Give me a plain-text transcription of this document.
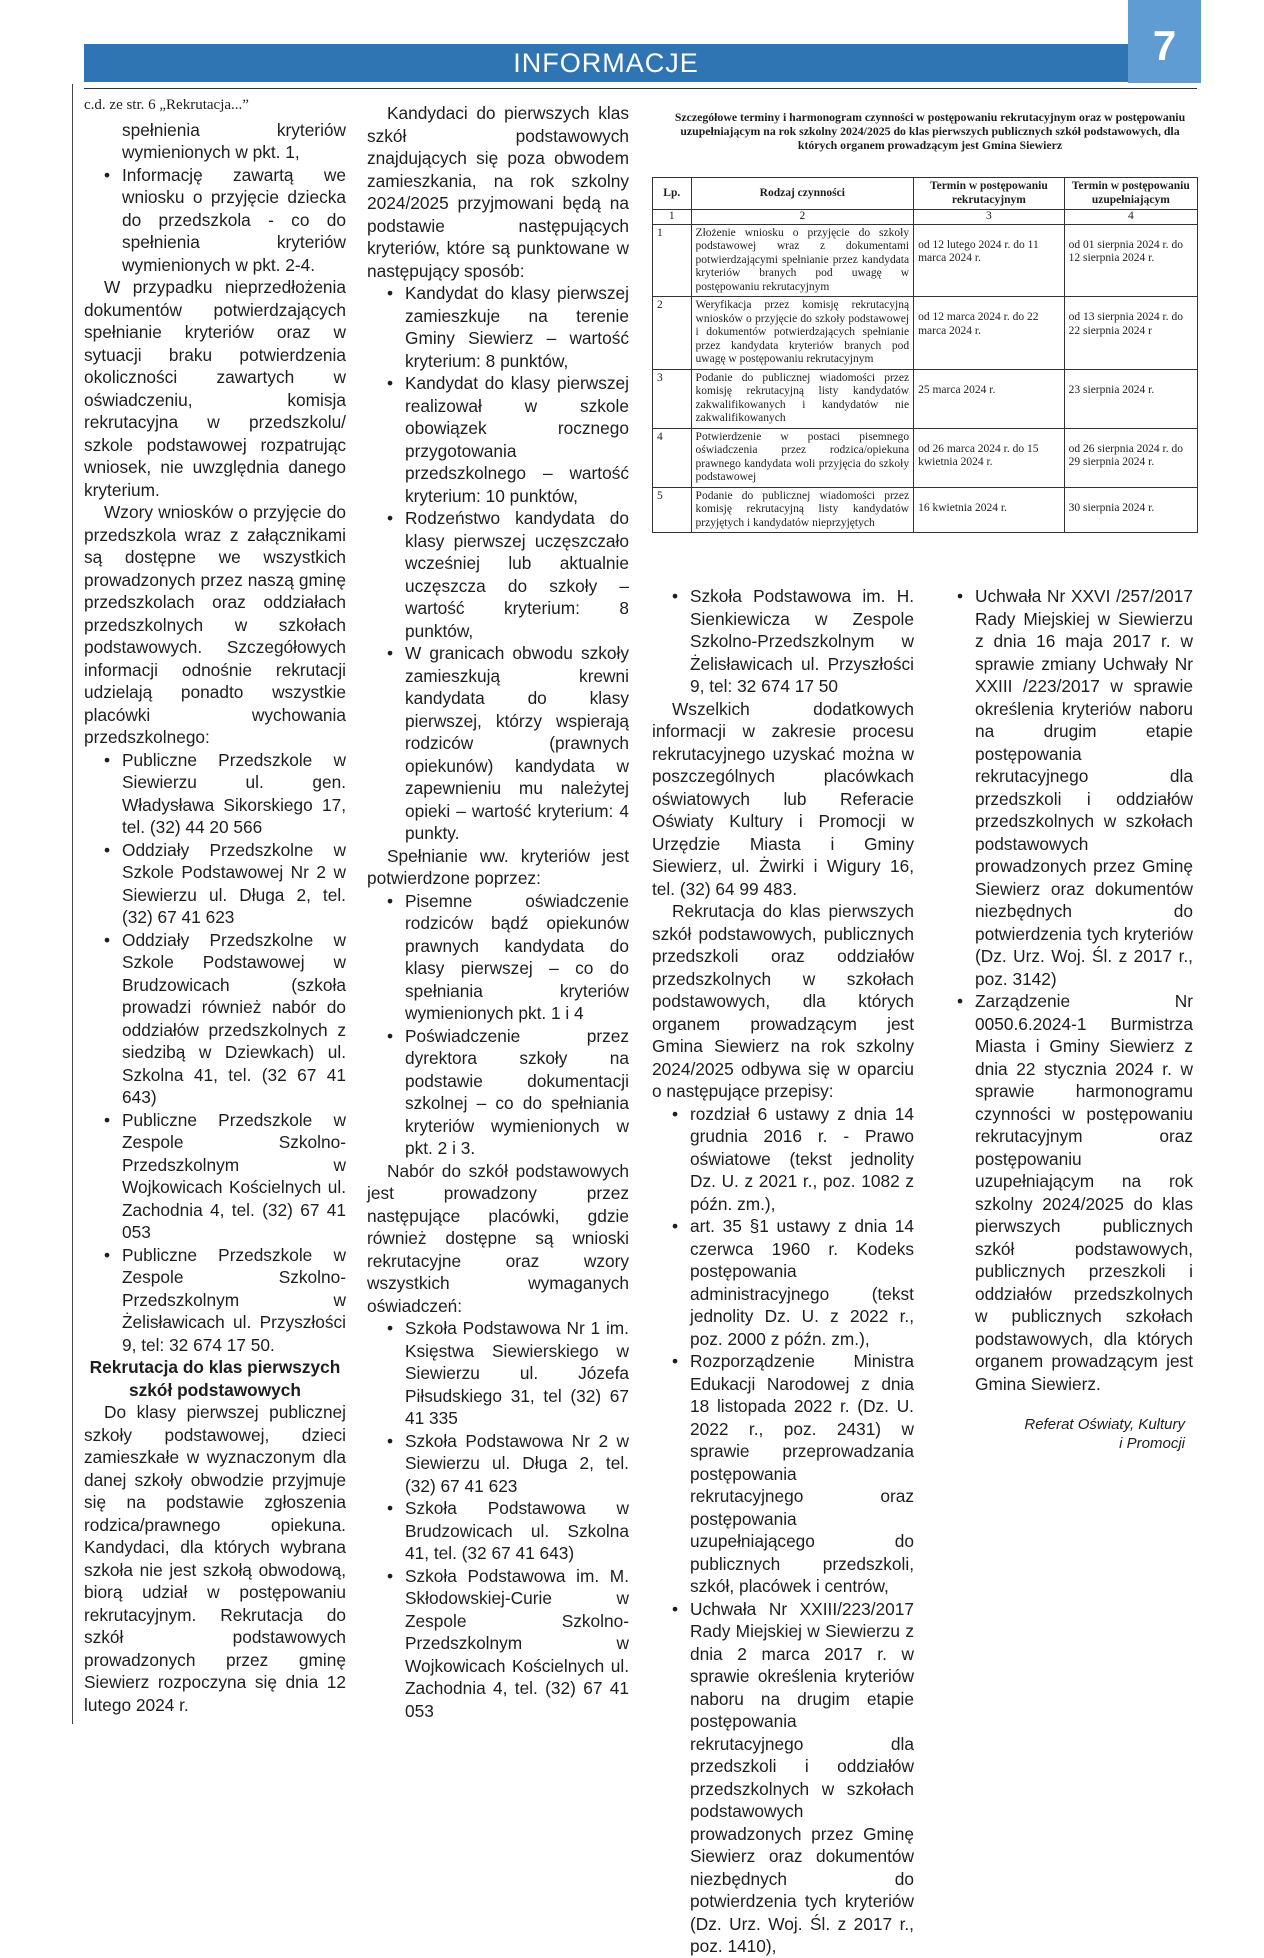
INFORMACJE	7

c.d. ze str. 6 „Rekrutacja...”

spełnienia kryteriów wymienionych w pkt. 1,

• Informację zawartą we wniosku o przyjęcie dziecka do przedszkola - co do spełnienia kryteriów wymienionych w pkt. 2-4.

W przypadku nieprzedłożenia dokumentów potwierdzających spełnianie kryteriów oraz w sytuacji braku potwierdzenia okoliczności zawartych w oświadczeniu, komisja rekrutacyjna w przedszkolu/ szkole podstawowej rozpatrując wniosek, nie uwzględnia danego kryterium.

Wzory wniosków o przyjęcie do przedszkola wraz z załącznikami są dostępne we wszystkich prowadzonych przez naszą gminę przedszkolach oraz oddziałach przedszkolnych w szkołach podstawowych. Szczegółowych informacji odnośnie rekrutacji udzielają ponadto wszystkie placówki wychowania przedszkolnego:

• Publiczne Przedszkole w Siewierzu ul. gen. Władysława Sikorskiego 17, tel. (32) 44 20 566
• Oddziały Przedszkolne w Szkole Podstawowej Nr 2 w Siewierzu ul. Długa 2, tel. (32) 67 41 623
• Oddziały Przedszkolne w Szkole Podstawowej w Brudzowicach (szkoła prowadzi również nabór do oddziałów przedszkolnych z siedzibą w Dziewkach) ul. Szkolna 41, tel. (32 67 41 643)
• Publiczne Przedszkole w Zespole Szkolno-Przedszkolnym w Wojkowicach Kościelnych ul. Zachodnia 4, tel. (32) 67 41 053
• Publiczne Przedszkole w Zespole Szkolno-Przedszkolnym w Żelisławicach ul. Przyszłości 9, tel: 32 674 17 50.
Rekrutacja do klas pierwszych szkół podstawowych

Do klasy pierwszej publicznej szkoły podstawowej, dzieci zamieszkałe w wyznaczonym dla danej szkoły obwodzie przyjmuje się na podstawie zgłoszenia rodzica/prawnego opiekuna. Kandydaci, dla których wybrana szkoła nie jest szkołą obwodową, biorą udział w postępowaniu rekrutacyjnym. Rekrutacja do szkół podstawowych prowadzonych przez gminę Siewierz rozpoczyna się dnia 12 lutego 2024 r.

Kandydaci do pierwszych klas szkół podstawowych znajdujących się poza obwodem zamieszkania, na rok szkolny 2024/2025 przyjmowani będą na podstawie następujących kryteriów, które są punktowane w następujący sposób:

• Kandydat do klasy pierwszej zamieszkuje na terenie Gminy Siewierz – wartość kryterium: 8 punktów,
• Kandydat do klasy pierwszej realizował w szkole obowiązek rocznego przygotowania przedszkolnego – wartość kryterium: 10 punktów,
• Rodzeństwo kandydata do klasy pierwszej uczęszczało wcześniej lub aktualnie uczęszcza do szkoły – wartość kryterium: 8 punktów,
• W granicach obwodu szkoły zamieszkują krewni kandydata do klasy pierwszej, którzy wspierają rodziców (prawnych opiekunów) kandydata w zapewnieniu mu należytej opieki – wartość kryterium: 4 punkty.

Spełnianie ww. kryteriów jest potwierdzone poprzez:

• Pisemne oświadczenie rodziców bądź opiekunów prawnych kandydata do klasy pierwszej – co do spełniania kryteriów wymienionych pkt. 1 i 4
• Poświadczenie przez dyrektora szkoły na podstawie dokumentacji szkolnej – co do spełniania kryteriów wymienionych w pkt. 2 i 3.

Nabór do szkół podstawowych jest prowadzony przez następujące placówki, gdzie również dostępne są wnioski rekrutacyjne oraz wzory wszystkich wymaganych oświadczeń:

• Szkoła Podstawowa Nr 1 im. Księstwa Siewierskiego w Siewierzu ul. Józefa Piłsudskiego 31, tel (32) 67 41 335
• Szkoła Podstawowa Nr 2 w Siewierzu ul. Długa 2, tel. (32) 67 41 623
• Szkoła Podstawowa w Brudzowicach ul. Szkolna 41, tel. (32 67 41 643)
• Szkoła Podstawowa im. M. Skłodowskiej-Curie w Zespole Szkolno-Przedszkolnym w Wojkowicach Kościelnych ul. Zachodnia 4, tel. (32) 67 41 053
Szczegółowe terminy i harmonogram czynności w postępowaniu rekrutacyjnym oraz w postępowaniu uzupełniającym na rok szkolny 2024/2025 do klas pierwszych publicznych szkół podstawowych, dla których organem prowadzącym jest Gmina Siewierz
Lp.	Rodzaj czynności	Termin w postępowaniu rekrutacyjnym	Termin w postępowaniu uzupełniającym
1	2	3	4
1	Złożenie wniosku o przyjęcie do szkoły podstawowej wraz z dokumentami potwierdzającymi spełnianie przez kandydata kryteriów branych pod uwagę w postępowaniu rekrutacyjnym	od 12 lutego 2024 r. do 11 marca 2024 r.	od 01 sierpnia 2024 r. do 12 sierpnia 2024 r.
2	Weryfikacja przez komisję rekrutacyjną wniosków o przyjęcie do szkoły podstawowej i dokumentów potwierdzających spełnianie przez kandydata kryteriów branych pod uwagę w postępowaniu rekrutacyjnym	od 12 marca 2024 r. do 22 marca 2024 r.	od 13 sierpnia 2024 r. do 22 sierpnia 2024 r
3	Podanie do publicznej wiadomości przez komisję rekrutacyjną listy kandydatów zakwalifikowanych i kandydatów nie zakwalifikowanych	25 marca 2024 r.	23 sierpnia 2024 r.
4	Potwierdzenie w postaci pisemnego oświadczenia przez rodzica/opiekuna prawnego kandydata woli przyjęcia do szkoły podstawowej	od 26 marca 2024 r. do 15 kwietnia 2024 r.	od 26 sierpnia 2024 r. do 29 sierpnia 2024 r.
5	Podanie do publicznej wiadomości przez komisję rekrutacyjną listy kandydatów przyjętych i kandydatów nieprzyjętych	16 kwietnia 2024 r.	30 sierpnia 2024 r.
• Szkoła Podstawowa im. H. Sienkiewicza w Zespole Szkolno-Przedszkolnym w Żelisławicach ul. Przyszłości 9, tel: 32 674 17 50

Wszelkich dodatkowych informacji w zakresie procesu rekrutacyjnego uzyskać można w poszczególnych placówkach oświatowych lub Referacie Oświaty Kultury i Promocji w Urzędzie Miasta i Gminy Siewierz, ul. Żwirki i Wigury 16, tel. (32) 64 99 483.

Rekrutacja do klas pierwszych szkół podstawowych, publicznych przedszkoli oraz oddziałów przedszkolnych w szkołach podstawowych, dla których organem prowadzącym jest Gmina Siewierz na rok szkolny 2024/2025 odbywa się w oparciu o następujące przepisy:

• rozdział 6 ustawy z dnia 14 grudnia 2016 r. - Prawo oświatowe (tekst jednolity Dz. U. z 2021 r., poz. 1082 z późn. zm.),
• art. 35 §1 ustawy z dnia 14 czerwca 1960 r. Kodeks postępowania administracyjnego (tekst jednolity Dz. U. z 2022 r., poz. 2000 z późn. zm.),
• Rozporządzenie Ministra Edukacji Narodowej z dnia 18 listopada 2022 r. (Dz. U. 2022 r., poz. 2431) w sprawie przeprowadzania postępowania rekrutacyjnego oraz postępowania uzupełniającego do publicznych przedszkoli, szkół, placówek i centrów,
• Uchwała Nr XXIII/223/2017 Rady Miejskiej w Siewierzu z dnia 2 marca 2017 r. w sprawie określenia kryteriów naboru na drugim etapie postępowania rekrutacyjnego dla przedszkoli i oddziałów przedszkolnych w szkołach podstawowych prowadzonych przez Gminę Siewierz oraz dokumentów niezbędnych do potwierdzenia tych kryteriów (Dz. Urz. Woj. Śl. z 2017 r., poz. 1410),
• Uchwała Nr XXVI /257/2017 Rady Miejskiej w Siewierzu z dnia 16 maja 2017 r. w sprawie zmiany Uchwały Nr XXIII /223/2017 w sprawie określenia kryteriów naboru na drugim etapie postępowania rekrutacyjnego dla przedszkoli i oddziałów przedszkolnych w szkołach podstawowych prowadzonych przez Gminę Siewierz oraz dokumentów niezbędnych do potwierdzenia tych kryteriów (Dz. Urz. Woj. Śl. z 2017 r., poz. 3142)
• Zarządzenie Nr 0050.6.2024-1 Burmistrza Miasta i Gminy Siewierz z dnia 22 stycznia 2024 r. w sprawie harmonogramu czynności w postępowaniu rekrutacyjnym oraz postępowaniu uzupełniającym na rok szkolny 2024/2025 do klas pierwszych publicznych szkół podstawowych, publicznych przeszkoli i oddziałów przedszkolnych w publicznych szkołach podstawowych, dla których organem prowadzącym jest Gmina Siewierz.
Referat Oświaty, Kultury
i Promocji
